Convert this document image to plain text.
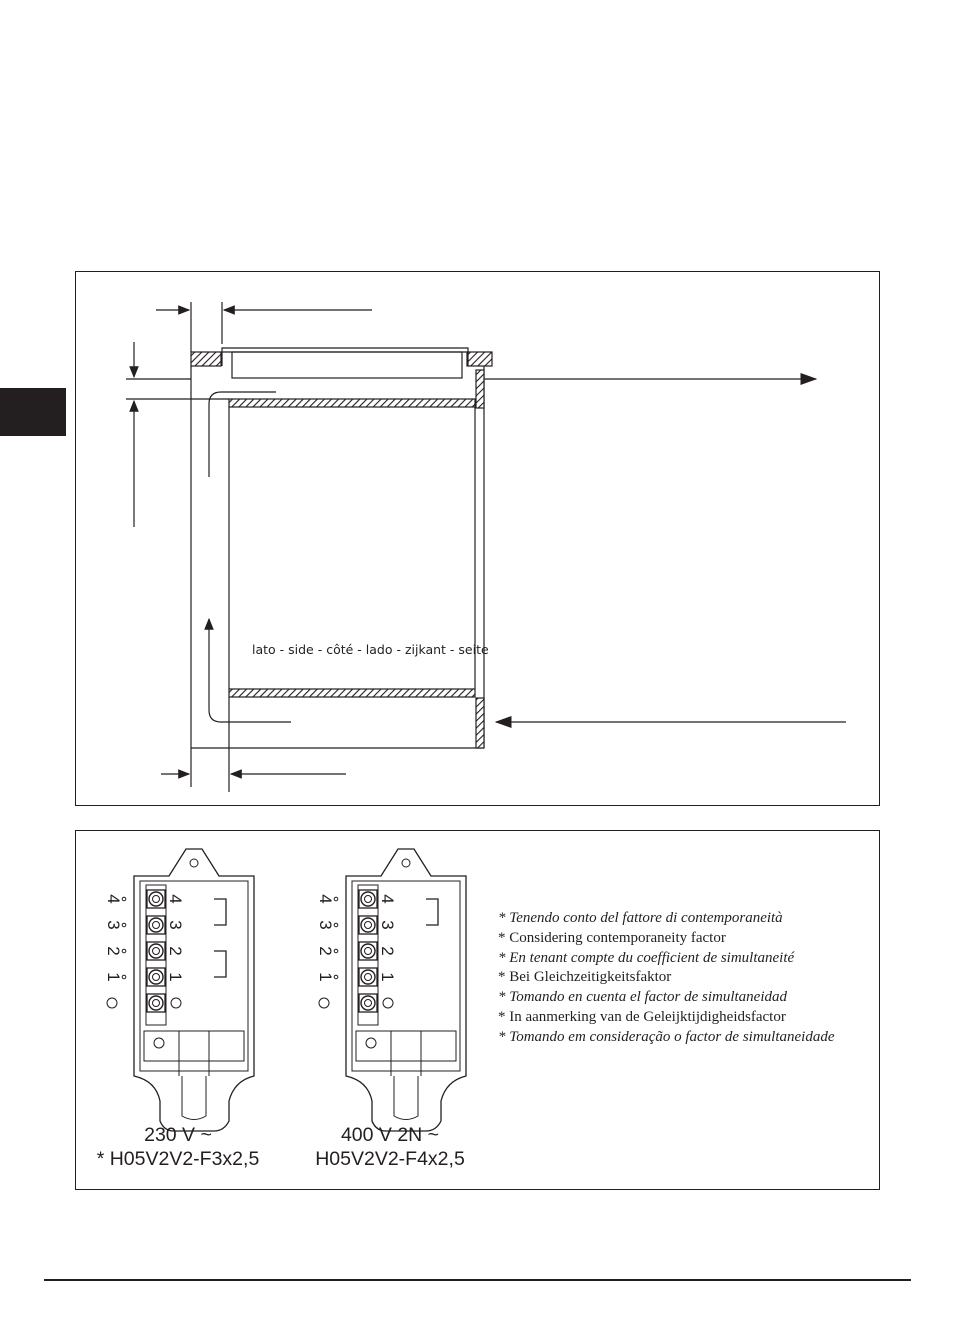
lato - side - côté - lado - zijkant - seite
4
3
2
1
4
3
2
1
4
3
2
1
4
3
2
1
* Tenendo conto del fattore di contemporaneità
* Considering contemporaneity factor
* En tenant compte du coefficient de simultaneité
* Bei Gleichzeitigkeitsfaktor
* Tomando en cuenta el factor de simultaneidad
* In aanmerking van de Geleijktijdigheidsfactor
* Tomando em consideração o factor de simultaneidade
230 V ~
* H05V2V2-F3x2,5
400 V 2N ~
H05V2V2-F4x2,5
